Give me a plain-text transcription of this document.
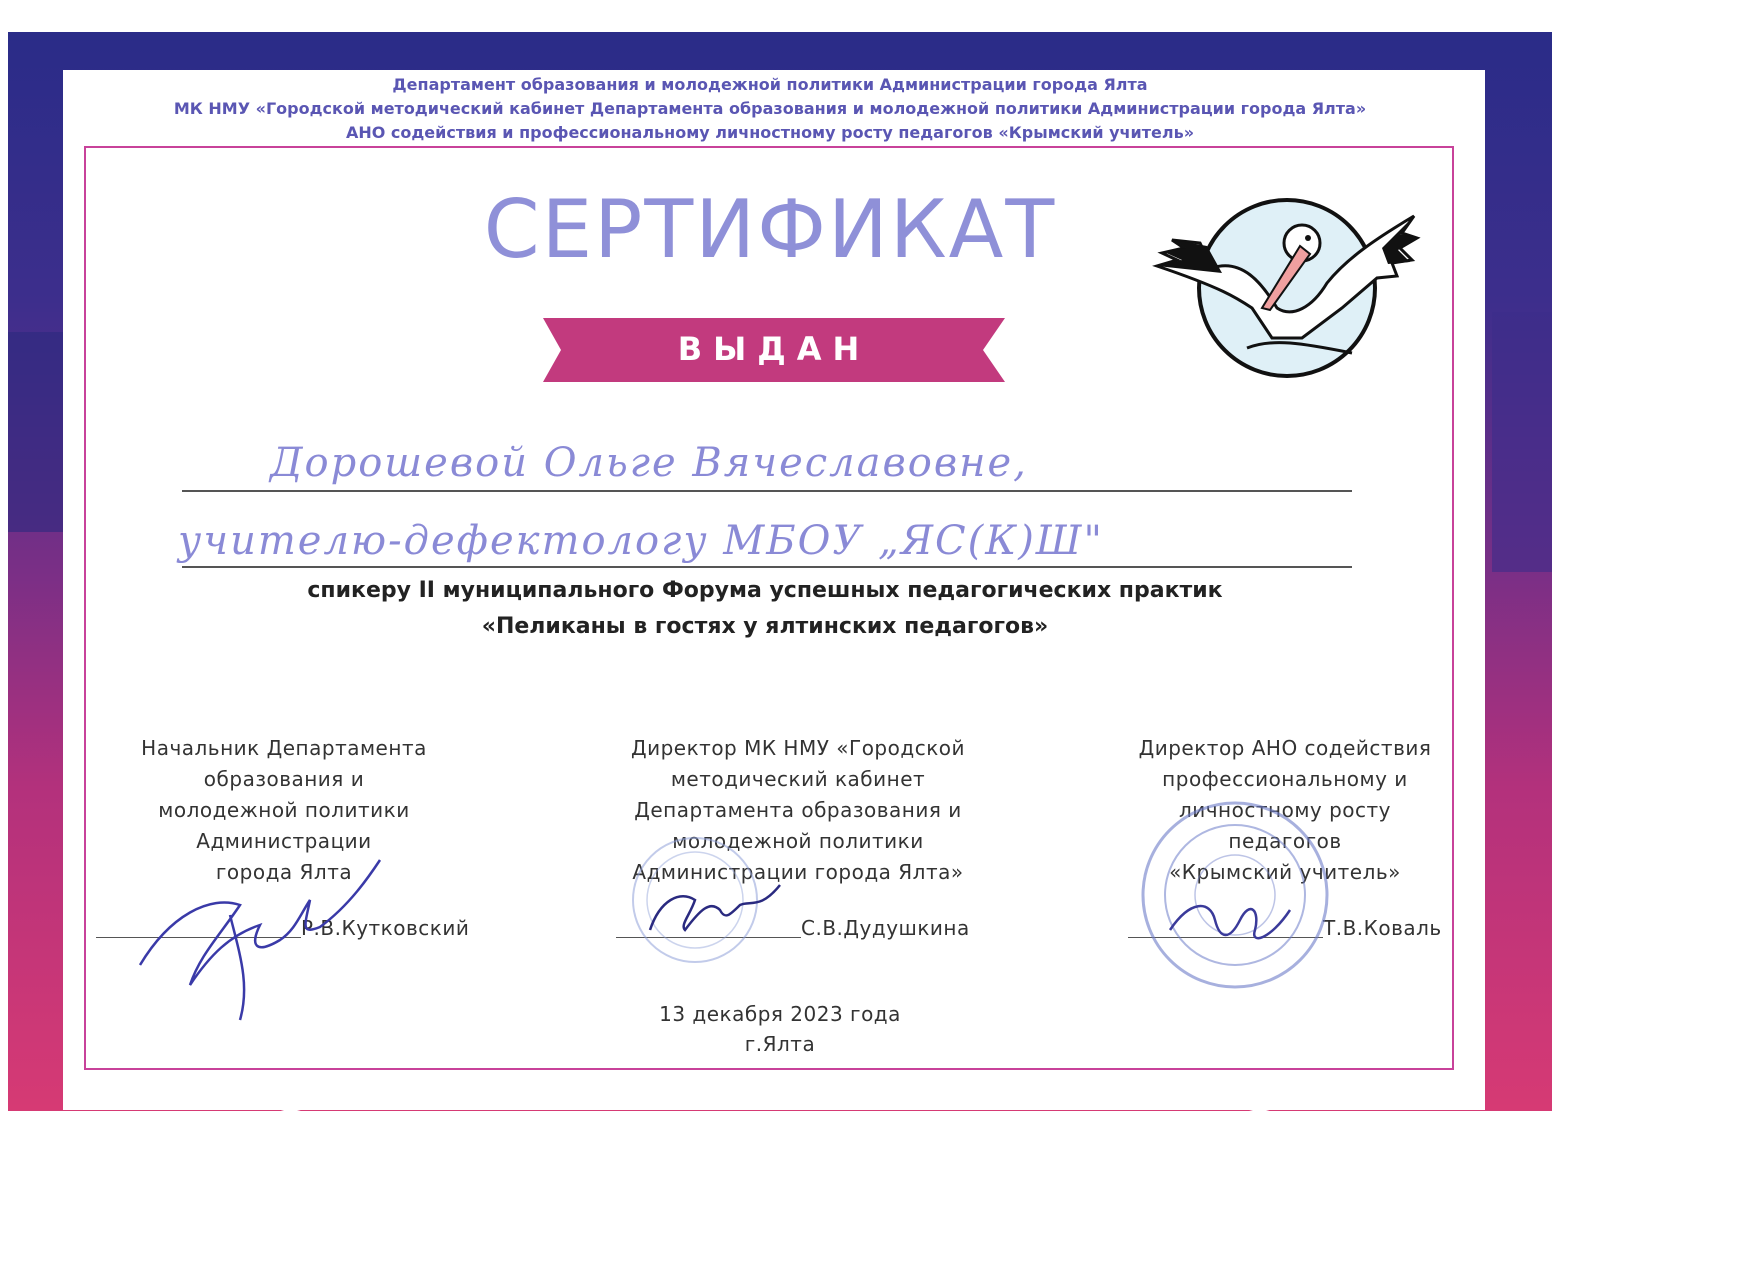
Департамент образования и молодежной политики Администрации города Ялта
МК НМУ «Городской методический кабинет Департамента образования и молодежной политики Администрации города Ялта»
АНО содействия и профессиональному личностному росту педагогов «Крымский учитель»
СЕРТИФИКАТ
ВЫДАН
Дорошевой Ольге Вячеславовне,
учителю-дефектологу МБОУ „ЯС(К)Ш"
спикеру II муниципального Форума успешных педагогических практик
«Пеликаны в гостях у ялтинских педагогов»
Начальник Департамента
образования и
молодежной политики
Администрации
города Ялта
Р.В.Кутковский
Директор МК НМУ «Городской
методический кабинет
Департамента образования и
молодежной политики
Администрации города Ялта»
С.В.Дудушкина
Директор АНО содействия
профессиональному и
личностному росту
педагогов
«Крымский учитель»
Т.В.Коваль
13 декабря 2023 года
г.Ялта
